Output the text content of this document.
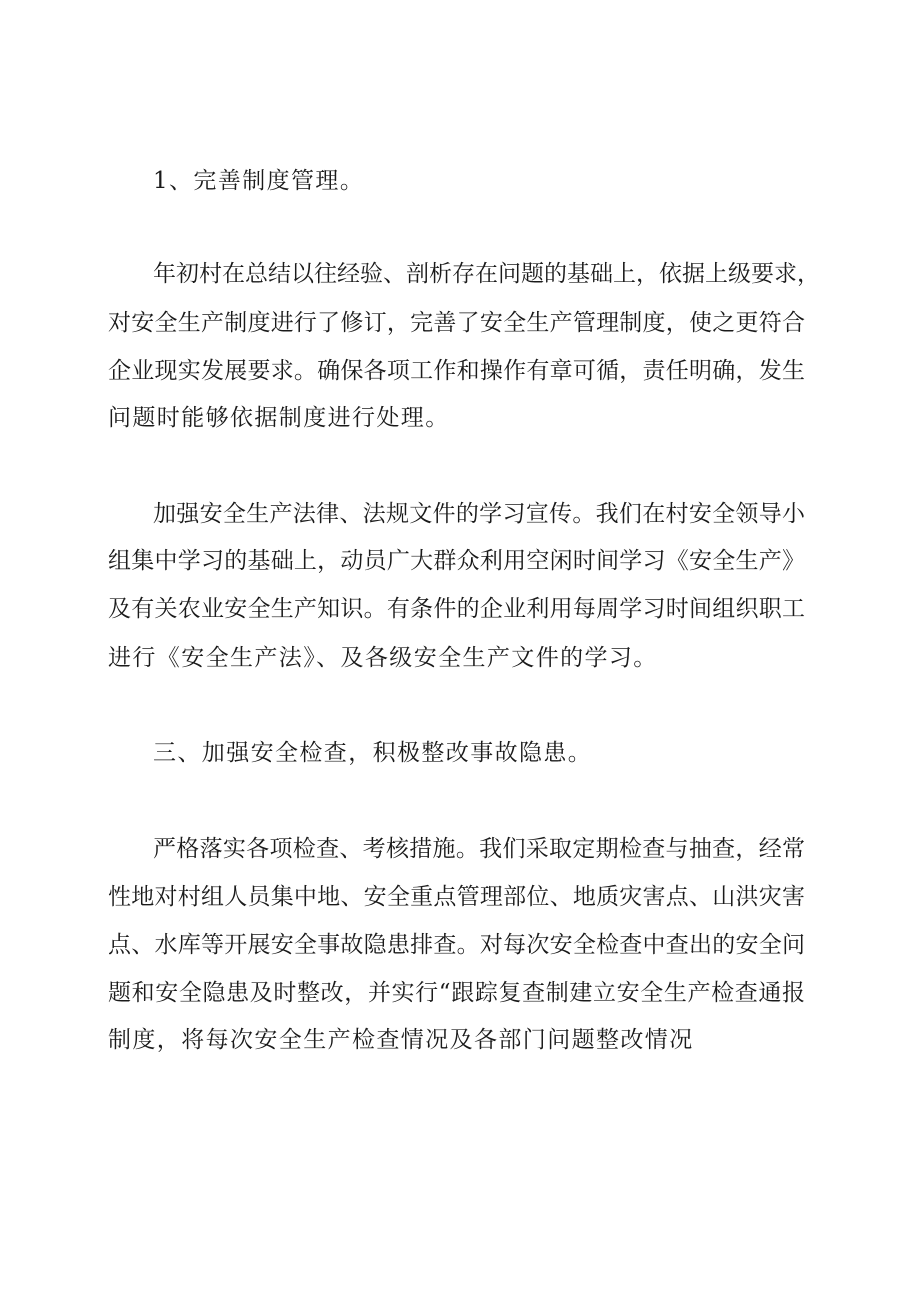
1、完善制度管理。

年初村在总结以往经验、剖析存在问题的基础上，依据上级要求，

对安全生产制度进行了修订，完善了安全生产管理制度，使之更符合

企业现实发展要求。确保各项工作和操作有章可循，责任明确，发生

问题时能够依据制度进行处理。

加强安全生产法律、法规文件的学习宣传。我们在村安全领导小

组集中学习的基础上，动员广大群众利用空闲时间学习《安全生产》

及有关农业安全生产知识。有条件的企业利用每周学习时间组织职工

进行《安全生产法》、及各级安全生产文件的学习。

三、加强安全检查，积极整改事故隐患。

严格落实各项检查、考核措施。我们采取定期检查与抽查，经常

性地对村组人员集中地、安全重点管理部位、地质灾害点、山洪灾害

点、水库等开展安全事故隐患排查。对每次安全检查中查出的安全问

题和安全隐患及时整改，并实行“跟踪复查制建立安全生产检查通报

制度，将每次安全生产检查情况及各部门问题整改情况
